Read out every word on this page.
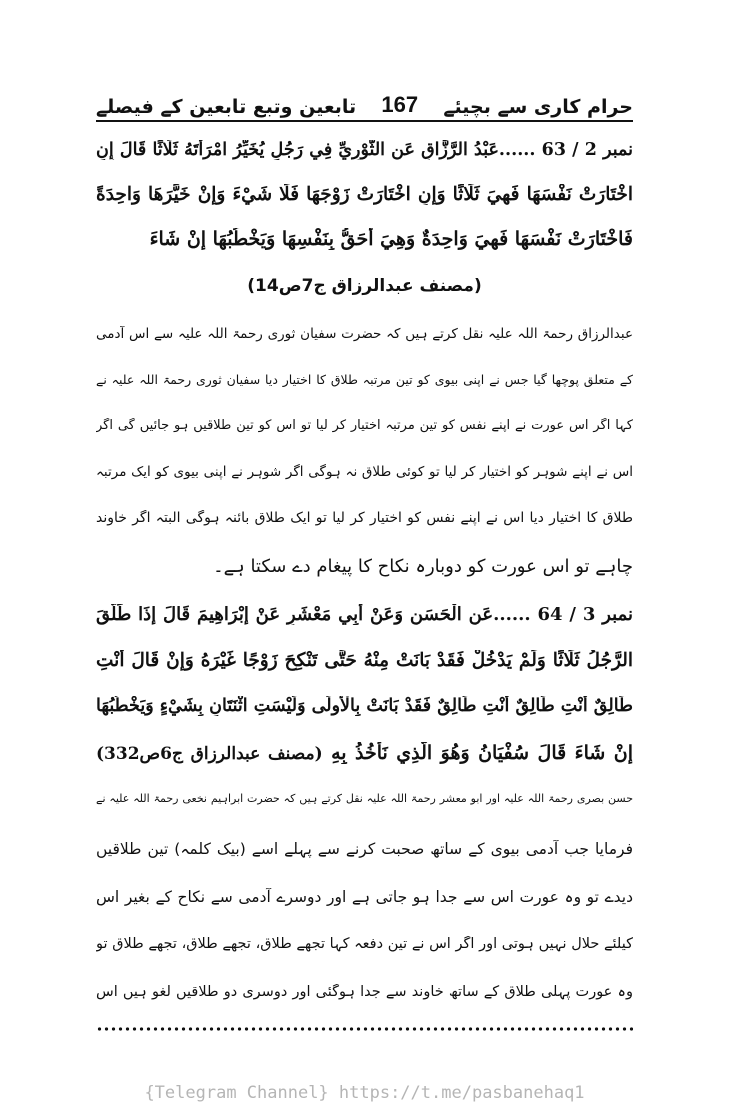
تابعین وتبع تابعین کے فیصلے 167 حرام کاری سے بچیئے
نمبر 63 / 2 ......عَبْدُ الرَّزَّاقِ عَنِ الثَّوْرِيِّ فِي رَجُلٍ يُخَيِّرُ امْرَأَتَهُ ثَلَاثًا قَالَ إِنِ
اخْتَارَتْ نَفْسَهَا فَهِيَ ثَلَاثًا وَإِنِ اخْتَارَتْ زَوْجَهَا فَلَا شَيْءَ وَإِنْ خَيَّرَهَا وَاحِدَةً
فَاخْتَارَتْ نَفْسَهَا فَهِيَ وَاحِدَةٌ وَهِيَ أَحَقُّ بِنَفْسِهَا وَيَخْطُبُهَا إِنْ شَاءَ
(مصنف عبدالرزاق ج7ص14)
عبدالرزاق رحمۃ اللہ علیہ نقل کرتے ہیں کہ حضرت سفیان ثوری رحمۃ اللہ علیہ سے اس آدمی
کے متعلق پوچھا گیا جس نے اپنی بیوی کو تین مرتبہ طلاق کا اختیار دیا سفیان ثوری رحمۃ اللہ علیہ نے
کہا اگر اس عورت نے اپنے نفس کو تین مرتبہ اختیار کر لیا تو اس کو تین طلاقیں ہو جائیں گی اگر
اس نے اپنے شوہر کو اختیار کر لیا تو کوئی طلاق نہ ہوگی اگر شوہر نے اپنی بیوی کو ایک مرتبہ
طلاق کا اختیار دیا اس نے اپنے نفس کو اختیار کر لیا تو ایک طلاق بائنہ ہوگی البتہ اگر خاوند
چاہے تو اس عورت کو دوبارہ نکاح کا پیغام دے سکتا ہے۔
نمبر 64 / 3 ......عَنِ الْحَسَنِ وَعَنْ أَبِي مَعْشَرٍ عَنْ إِبْرَاهِيمَ قَالَ إِذَا طَلَّقَ
الرَّجُلُ ثَلَاثًا وَلَمْ يَدْخُلْ فَقَدْ بَانَتْ مِنْهُ حَتَّى تَنْكِحَ زَوْجًا غَيْرَهُ وَإِنْ قَالَ أَنْتِ
طَالِقٌ أَنْتِ طَالِقٌ أَنْتِ طَالِقٌ فَقَدْ بَانَتْ بِالْأُولَى وَلَيْسَتِ اثْنَتَانِ بِشَيْءٍ وَيَخْطُبُهَا
إِنْ شَاءَ قَالَ سُفْيَانُ وَهُوَ الَّذِي نَأْخُذُ بِهِ (مصنف عبدالرزاق ج6ص332)
حسن بصری رحمۃ اللہ علیہ اور ابو معشر رحمۃ اللہ علیہ نقل کرتے ہیں کہ حضرت ابراہیم نخعی رحمۃ اللہ علیہ نے
فرمایا جب آدمی بیوی کے ساتھ صحبت کرنے سے پہلے اسے (بیک کلمہ) تین طلاقیں
دیدے تو وہ عورت اس سے جدا ہو جاتی ہے اور دوسرے آدمی سے نکاح کے بغیر اس
کیلئے حلال نہیں ہوتی اور اگر اس نے تین دفعہ کہا تجھے طلاق، تجھے طلاق، تجھے طلاق تو
وہ عورت پہلی طلاق کے ساتھ خاوند سے جدا ہوگئی اور دوسری دو طلاقیں لغو ہیں اس
{Telegram Channel} https://t.me/pasbanehaq1
